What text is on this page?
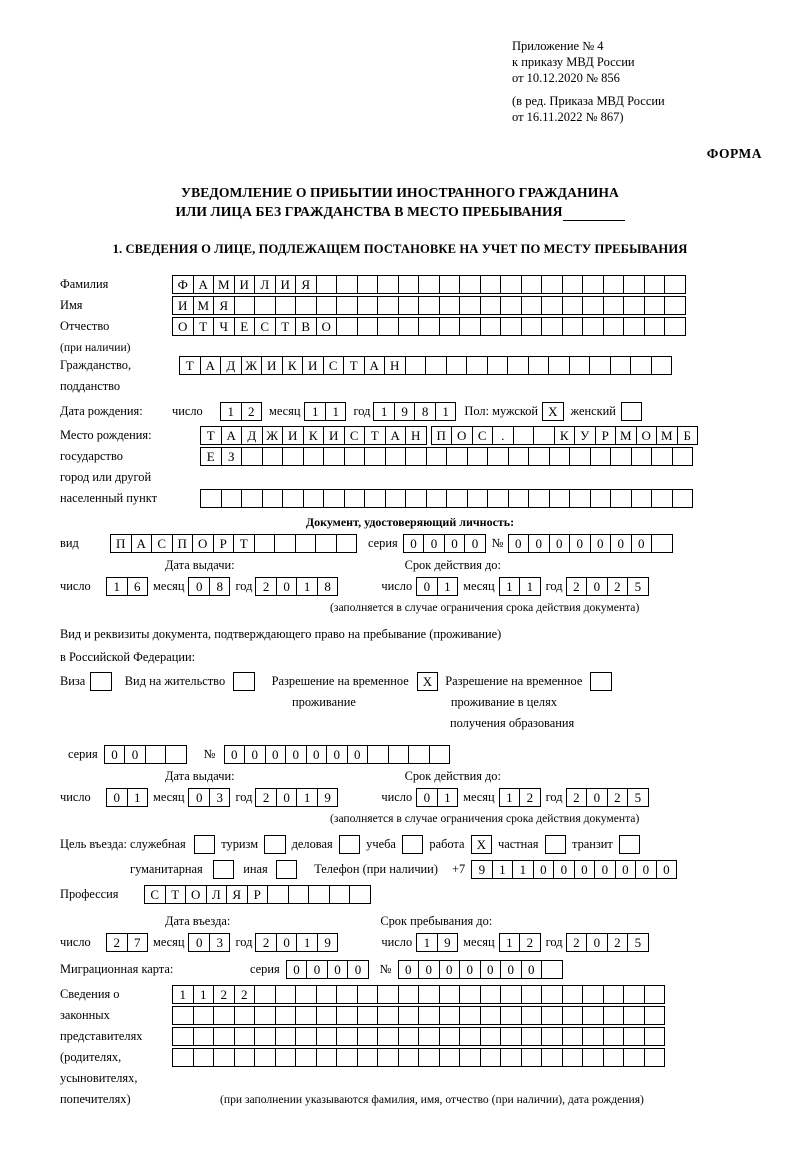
Приложение № 4
к приказу МВД России
от 10.12.2020 № 856
(в ред. Приказа МВД России
от 16.11.2022 № 867)
ФОРМА
УВЕДОМЛЕНИЕ О ПРИБЫТИИ ИНОСТРАННОГО ГРАЖДАНИНА
ИЛИ ЛИЦА БЕЗ ГРАЖДАНСТВА В МЕСТО ПРЕБЫВАНИЯ
1. СВЕДЕНИЯ О ЛИЦЕ, ПОДЛЕЖАЩЕМ ПОСТАНОВКЕ НА УЧЕТ ПО МЕСТУ ПРЕБЫВАНИЯ
Фамилия	Ф А М И Л И Я
Имя	И М Я
Отчество	О Т Ч Е С Т В О
(при наличии)
Гражданство,	Т А Д Ж И К И С Т А Н
подданство
Дата рождения:	число	1	2	месяц 1	1	год 1	9	8	1	Пол: мужской X	женский
Место рождения:	Т А Д Ж И К И С Т А Н	П О С	.	К У Р М О М Б
государство	Е	З
город или другой
населенный пункт
Документ, удостоверяющий личность:
вид	П А С П О Р Т	серия 0	0	0	0	№ 0	0	0	0	0	0	0
Дата выдачи:	Срок действия до:
число	1	6	месяц 0	8	год 2	0	1	8	число 0	1	месяц 1	1	год 2	0	2	5
(заполняется в случае ограничения срока действия документа)
Вид и реквизиты документа, подтверждающего право на пребывание (проживание)
в Российской Федерации:
Виза	Вид на жительство	Разрешение на временное	X	Разрешение на временное
проживание	проживание в целях
получения образования
серия	0	0	№	0	0	0	0	0	0	0
Дата выдачи:	Срок действия до:
число	0	1	месяц 0	3	год 2	0	1	9	число 0	1	месяц 1	2	год 2	0	2	5
(заполняется в случае ограничения срока действия документа)
Цель въезда: служебная	туризм	деловая	учеба	работа X частная	транзит
гуманитарная	иная	Телефон (при наличии) +7	9	1	1	0	0	0	0	0	0	0
Профессия	С Т О Л Я Р
Дата въезда:	Срок пребывания до:
число	2	7	месяц 0	3	год 2	0	1	9	число 1	9	месяц 1	2	год 2	0	2	5
Миграционная карта:	серия	0	0	0	0	№	0	0	0	0	0	0	0
Сведения о	1	1	2	2
законных
представителях
(родителях,
усыновителях,
попечителях)	(при заполнении указываются фамилия, имя, отчество (при наличии), дата рождения)
